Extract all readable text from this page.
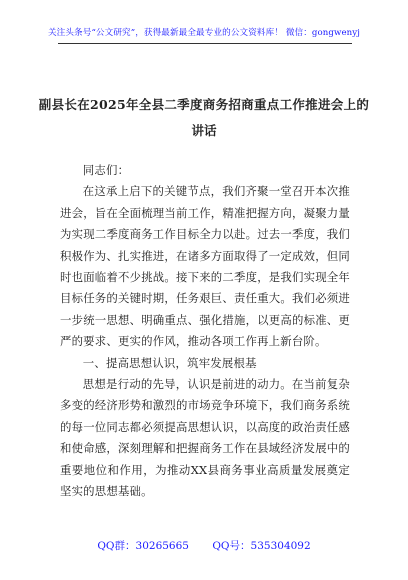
关注头条号“公文研究”，获得最新最全最专业的公文资料库！ 微信：gongwenyj
副县长在2025年全县二季度商务招商重点工作推进会上的
讲话

同志们：

在这承上启下的关键节点，我们齐聚一堂召开本次推进会，旨在全面梳理当前工作，精准把握方向，凝聚力量为实现二季度商务工作目标全力以赴。过去一季度，我们积极作为、扎实推进，在诸多方面取得了一定成效，但同时也面临着不少挑战。接下来的二季度，是我们实现全年目标任务的关键时期，任务艰巨、责任重大。我们必须进一步统一思想、明确重点、强化措施，以更高的标准、更严的要求、更实的作风，推动各项工作再上新台阶。

一、提高思想认识，筑牢发展根基

思想是行动的先导，认识是前进的动力。在当前复杂多变的经济形势和激烈的市场竞争环境下，我们商务系统的每一位同志都必须提高思想认识，以高度的政治责任感和使命感，深刻理解和把握商务工作在县域经济发展中的重要地位和作用，为推动XX县商务事业高质量发展奠定坚实的思想基础。

QQ群：30265665 QQ号：535304092
